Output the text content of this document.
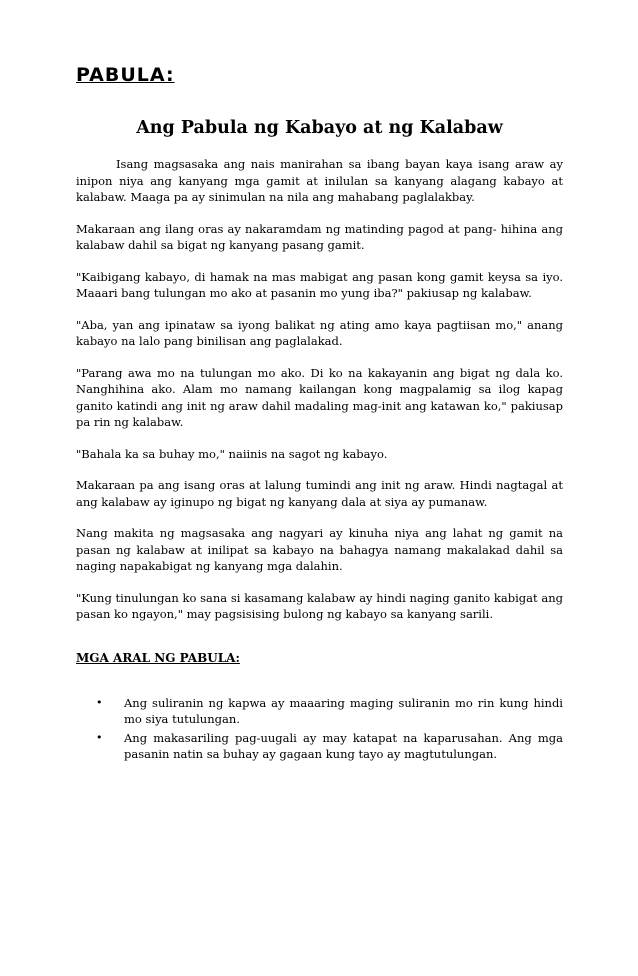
PABULA:
Ang Pabula ng Kabayo at ng Kalabaw

Isang magsasaka ang nais manirahan sa ibang bayan kaya isang araw ay inipon niya ang kanyang mga gamit at inilulan sa kanyang alagang kabayo at kalabaw. Maaga pa ay sinimulan na nila ang mahabang paglalakbay.

Makaraan ang ilang oras ay nakaramdam ng matinding pagod at pang- hihina ang kalabaw dahil sa bigat ng kanyang pasang gamit.

"Kaibigang kabayo, di hamak na mas mabigat ang pasan kong gamit keysa sa iyo. Maaari bang tulungan mo ako at pasanin mo yung iba?" pakiusap ng kalabaw.

"Aba, yan ang ipinataw sa iyong balikat ng ating amo kaya pagtiisan mo," anang kabayo na lalo pang binilisan ang paglalakad.

"Parang awa mo na tulungan mo ako. Di ko na kakayanin ang bigat ng dala ko. Nanghihina ako. Alam mo namang kailangan kong magpalamig sa ilog kapag ganito katindi ang init ng araw dahil madaling mag-init ang katawan ko," pakiusap pa rin ng kalabaw.

"Bahala ka sa buhay mo," naiinis na sagot ng kabayo.

Makaraan pa ang isang oras at lalung tumindi ang init ng araw. Hindi nagtagal at ang kalabaw ay iginupo ng bigat ng kanyang dala at siya ay pumanaw.

Nang makita ng magsasaka ang nagyari ay kinuha niya ang lahat ng gamit na pasan ng kalabaw at inilipat sa kabayo na bahagya namang makalakad dahil sa naging napakabigat ng kanyang mga dalahin.

"Kung tinulungan ko sana si kasamang kalabaw ay hindi naging ganito kabigat ang pasan ko ngayon," may pagsisising bulong ng kabayo sa kanyang sarili.

MGA ARAL NG PABULA:
• Ang suliranin ng kapwa ay maaaring maging suliranin mo rin kung hindi mo siya tutulungan.
• Ang makasariling pag-uugali ay may katapat na kaparusahan. Ang mga pasanin natin sa buhay ay gagaan kung tayo ay magtutulungan.
